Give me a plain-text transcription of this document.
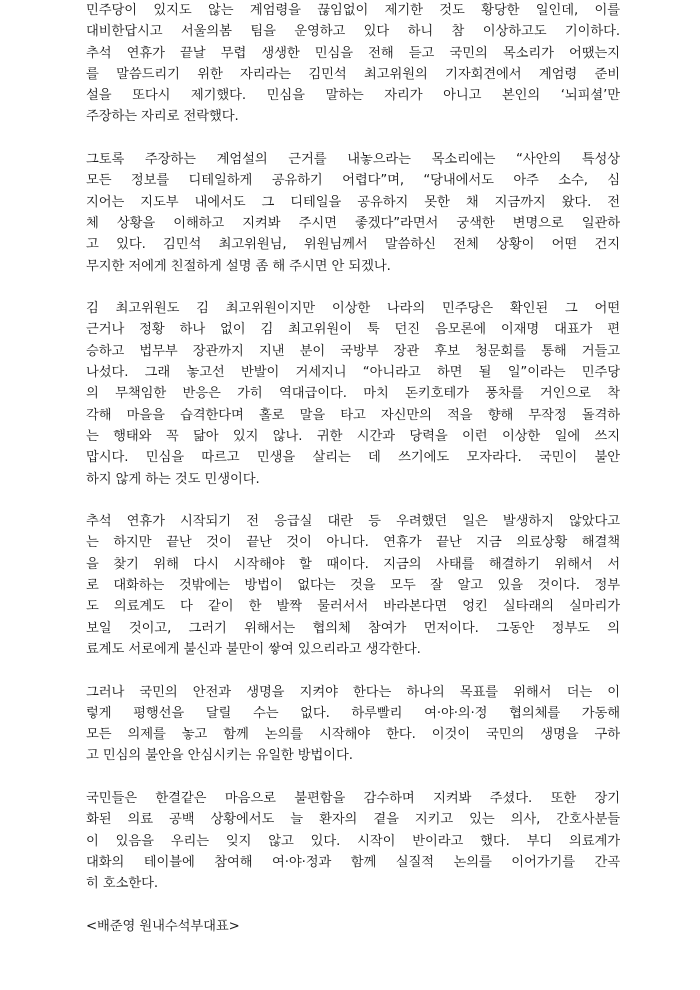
민주당이 있지도 않는 계엄령을 끊임없이 제기한 것도 황당한 일인데, 이를
대비한답시고 서울의봄 팀을 운영하고 있다 하니 참 이상하고도 기이하다.
추석 연휴가 끝날 무렵 생생한 민심을 전해 듣고 국민의 목소리가 어땠는지
를 말씀드리기 위한 자리라는 김민석 최고위원의 기자회견에서 계엄령 준비
설을 또다시 제기했다. 민심을 말하는 자리가 아니고 본인의 ‘뇌피셜’만
주장하는 자리로 전락했다.
그토록 주장하는 계엄설의 근거를 내놓으라는 목소리에는 “사안의 특성상
모든 정보를 디테일하게 공유하기 어렵다”며, “당내에서도 아주 소수, 심
지어는 지도부 내에서도 그 디테일을 공유하지 못한 채 지금까지 왔다. 전
체 상황을 이해하고 지켜봐 주시면 좋겠다”라면서 궁색한 변명으로 일관하
고 있다. 김민석 최고위원님, 위원님께서 말씀하신 전체 상황이 어떤 건지
무지한 저에게 친절하게 설명 좀 해 주시면 안 되겠나.
김 최고위원도 김 최고위원이지만 이상한 나라의 민주당은 확인된 그 어떤
근거나 정황 하나 없이 김 최고위원이 툭 던진 음모론에 이재명 대표가 편
승하고 법무부 장관까지 지낸 분이 국방부 장관 후보 청문회를 통해 거들고
나섰다. 그래 놓고선 반발이 거세지니 “아니라고 하면 될 일”이라는 민주당
의 무책임한 반응은 가히 역대급이다. 마치 돈키호테가 풍차를 거인으로 착
각해 마을을 습격한다며 홀로 말을 타고 자신만의 적을 향해 무작정 돌격하
는 행태와 꼭 닮아 있지 않나. 귀한 시간과 당력을 이런 이상한 일에 쓰지
맙시다. 민심을 따르고 민생을 살리는 데 쓰기에도 모자라다. 국민이 불안
하지 않게 하는 것도 민생이다.
추석 연휴가 시작되기 전 응급실 대란 등 우려했던 일은 발생하지 않았다고
는 하지만 끝난 것이 끝난 것이 아니다. 연휴가 끝난 지금 의료상황 해결책
을 찾기 위해 다시 시작해야 할 때이다. 지금의 사태를 해결하기 위해서 서
로 대화하는 것밖에는 방법이 없다는 것을 모두 잘 알고 있을 것이다. 정부
도 의료계도 다 같이 한 발짝 물러서서 바라본다면 엉킨 실타래의 실마리가
보일 것이고, 그러기 위해서는 협의체 참여가 먼저이다. 그동안 정부도 의
료계도 서로에게 불신과 불만이 쌓여 있으리라고 생각한다.
그러나 국민의 안전과 생명을 지켜야 한다는 하나의 목표를 위해서 더는 이
렇게 평행선을 달릴 수는 없다. 하루빨리 여·야·의·정 협의체를 가동해
모든 의제를 놓고 함께 논의를 시작해야 한다. 이것이 국민의 생명을 구하
고 민심의 불안을 안심시키는 유일한 방법이다.
국민들은 한결같은 마음으로 불편함을 감수하며 지켜봐 주셨다. 또한 장기
화된 의료 공백 상황에서도 늘 환자의 곁을 지키고 있는 의사, 간호사분들
이 있음을 우리는 잊지 않고 있다. 시작이 반이라고 했다. 부디 의료계가
대화의 테이블에 참여해 여·야·정과 함께 실질적 논의를 이어가기를 간곡
히 호소한다.
<배준영 원내수석부대표>
